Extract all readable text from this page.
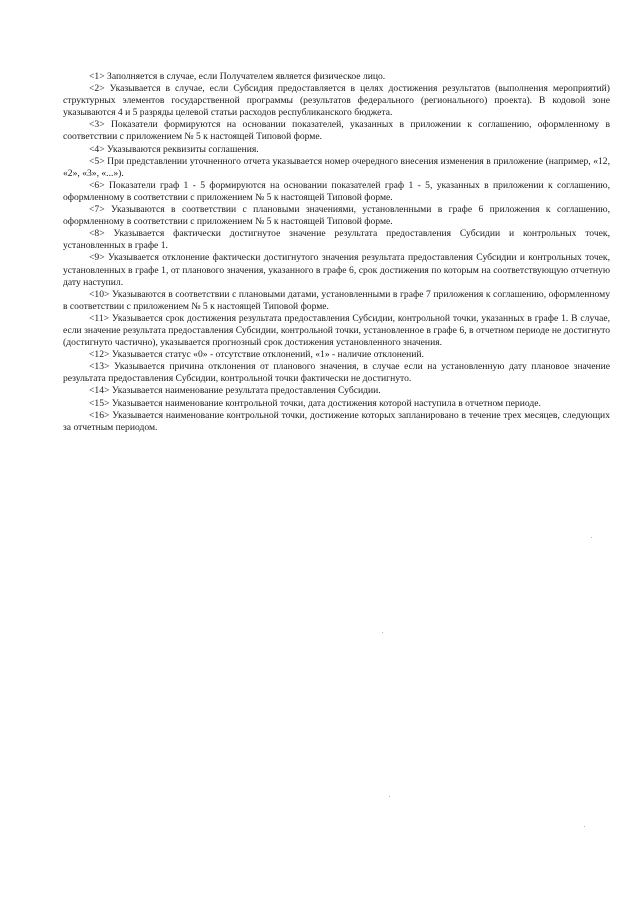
<1> Заполняется в случае, если Получателем является физическое лицо.

<2> Указывается в случае, если Субсидия предоставляется в целях достижения результатов (выполнения мероприятий) структурных элементов государственной программы (результатов федерального (регионального) проекта). В кодовой зоне указываются 4 и 5 разряды целевой статьи расходов республиканского бюджета.

<3> Показатели формируются на основании показателей, указанных в приложении к соглашению, оформленному в соответствии с приложением № 5 к настоящей Типовой форме.

<4> Указываются реквизиты соглашения.

<5> При представлении уточненного отчета указывается номер очередного внесения изменения в приложение (например, «12, «2», «3», «...»).

<6> Показатели граф 1 - 5 формируются на основании показателей граф 1 - 5, указанных в приложении к соглашению, оформленному в соответствии с приложением № 5 к настоящей Типовой форме.

<7> Указываются в соответствии с плановыми значениями, установленными в графе 6 приложения к соглашению, оформленному в соответствии с приложением № 5 к настоящей Типовой форме.

<8> Указывается фактически достигнутое значение результата предоставления Субсидии и контрольных точек, установленных в графе 1.

<9> Указывается отклонение фактически достигнутого значения результата предоставления Субсидии и контрольных точек, установленных в графе 1, от планового значения, указанного в графе 6, срок достижения по которым на соответствующую отчетную дату наступил.

<10> Указываются в соответствии с плановыми датами, установленными в графе 7 приложения к соглашению, оформленному в соответствии с приложением № 5 к настоящей Типовой форме.

<11> Указывается срок достижения результата предоставления Субсидии, контрольной точки, указанных в графе 1. В случае, если значение результата предоставления Субсидии, контрольной точки, установленное в графе 6, в отчетном периоде не достигнуто (достигнуто частично), указывается прогнозный срок достижения установленного значения.

<12> Указывается статус «0» - отсутствие отклонений, «1» - наличие отклонений.

<13> Указывается причина отклонения от планового значения, в случае если на установленную дату плановое значение результата предоставления Субсидии, контрольной точки фактически не достигнуто.

<14> Указывается наименование результата предоставления Субсидии.

<15> Указывается наименование контрольной точки, дата достижения которой наступила в отчетном периоде.

<16> Указывается наименование контрольной точки, достижение которых запланировано в течение трех месяцев, следующих за отчетным периодом.
